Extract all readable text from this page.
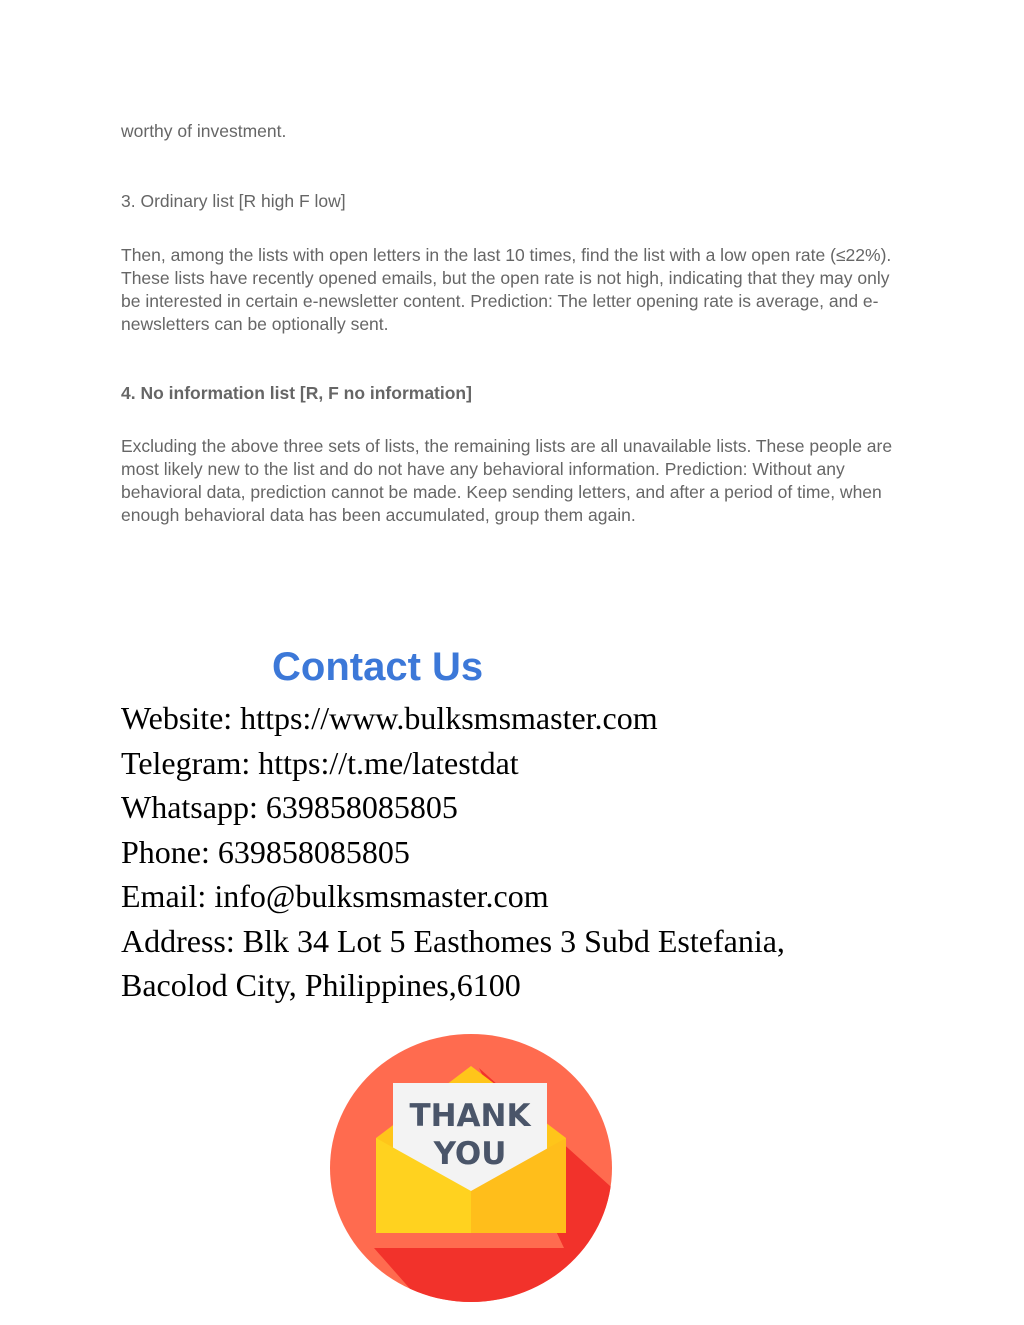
worthy of investment.

3. Ordinary list [R high F low]

Then, among the lists with open letters in the last 10 times, find the list with a low open rate (≤22%). These lists have recently opened emails, but the open rate is not high, indicating that they may only be interested in certain e-newsletter content. Prediction: The letter opening rate is average, and e-newsletters can be optionally sent.

4. No information list [R, F no information]

Excluding the above three sets of lists, the remaining lists are all unavailable lists. These people are most likely new to the list and do not have any behavioral information. Prediction: Without any behavioral data, prediction cannot be made. Keep sending letters, and after a period of time, when enough behavioral data has been accumulated, group them again.

Contact Us
Website: https://www.bulksmsmaster.com
Telegram: https://t.me/latestdat
Whatsapp: 639858085805
Phone: 639858085805
Email: info@bulksmsmaster.com
Address: Blk 34 Lot 5 Easthomes 3 Subd Estefania,
Bacolod City, Philippines,6100
THANK
YOU
